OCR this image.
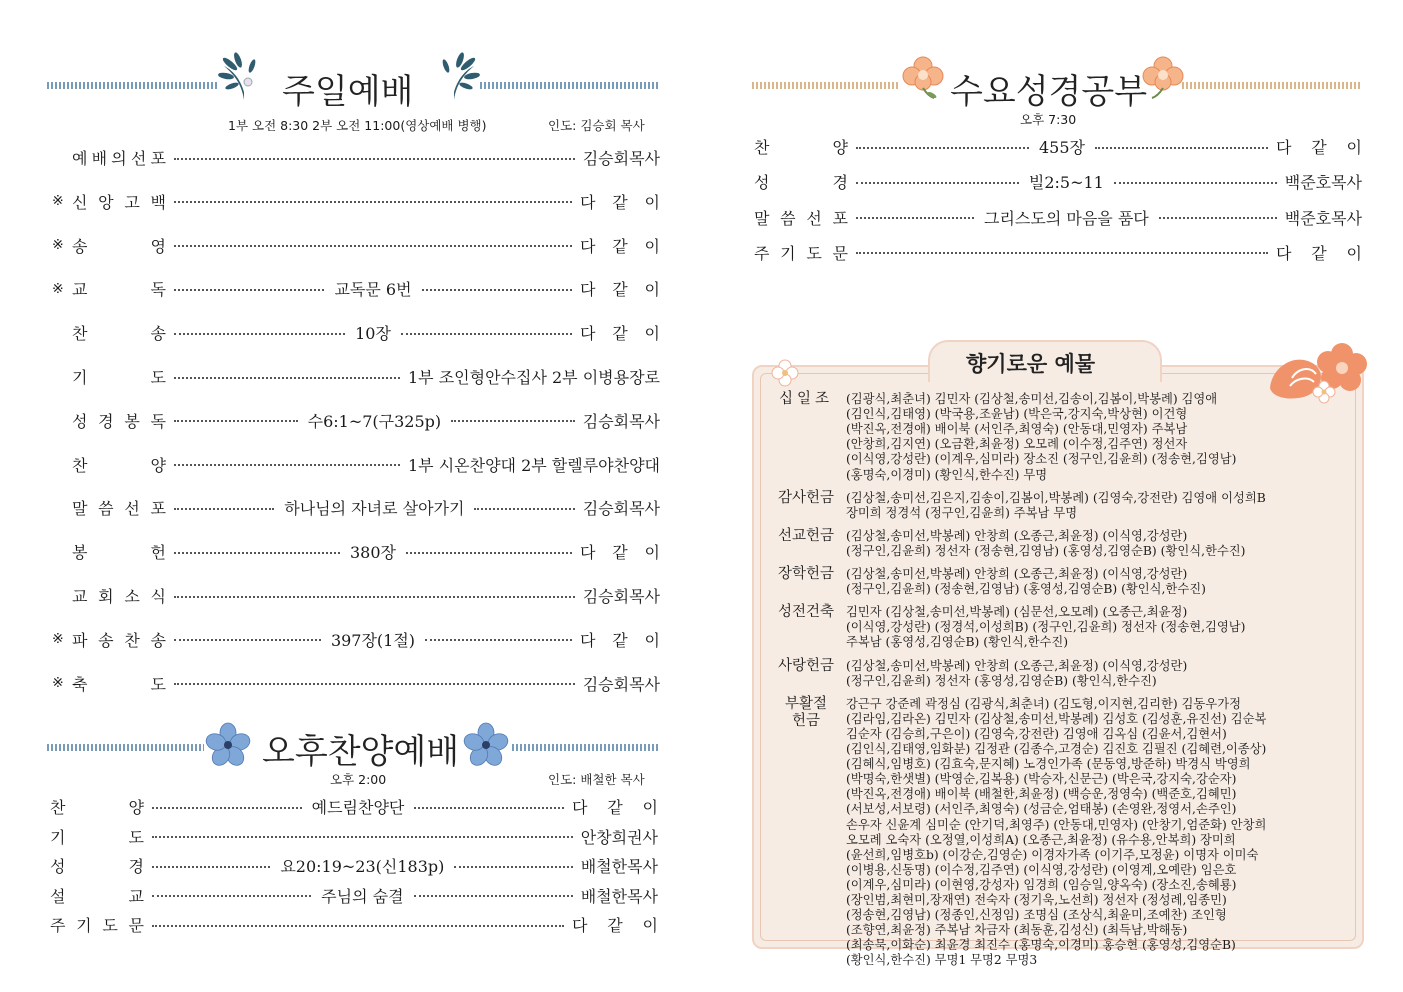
주일예배
1부 오전 8:30 2부 오전 11:00(영상예배 병행)	인도: 김승회 목사
예 배 의 선 포	김승회목사
※ 신 앙 고 백	다 같 이
※ 송	영	다 같 이
※ 교	독	교독문 6번	다 같 이
찬	송	10장	다 같 이
기	도	1부 조인형안수집사 2부 이병용장로
성 경 봉 독	수6:1~7(구325p)	김승회목사
찬	양	1부 시온찬양대 2부 할렐루야찬양대
말 씀 선 포	하나님의 자녀로 살아가기	김승회목사
봉	헌	380장	다 같 이
교 회 소 식	김승회목사
※ 파 송 찬 송	397장(1절)	다 같 이
※ 축	도	김승회목사
오후찬양예배
오후 2:00	인도: 배철한 목사
찬	양	예드림찬양단	다 같 이
기	도	안창희권사
성	경	요20:19~23(신183p)	배철한목사
설	교	주님의 숨결	배철한목사
주 기 도 문	다 같 이
수요성경공부
오후 7:30
찬	양	455장	다 같 이
성	경	빌2:5~11	백준호목사
말 씀 선 포	그리스도의 마음을 품다	백준호목사
주 기 도 문	다 같 이
향기로운 예물
십일조	(김광식,최춘녀) 김민자 (김상철,송미선,김송이,김봄이,박봉례) 김영애
(김인식,김태영) (박국용,조윤남) (박은국,강지숙,박상현) 이건형
(박진옥,전경애) 배이북 (서인주,최영숙) (안동대,민영자) 주복남
(안창희,김지연) (오금환,최윤정) 오모례 (이수정,김주연) 정선자
(이식영,강성란) (이계우,심미라) 장소진 (정구인,김윤희) (정송현,김영남)
(홍명숙,이경미) (황인식,한수진) 무명
감사헌금 (김상철,송미선,김은지,김송이,김봄이,박봉례) (김영숙,강전란) 김영애 이성희B
장미희 정경석 (정구인,김윤희) 주복남 무명
선교헌금 (김상철,송미선,박봉례) 안창희 (오종근,최윤정) (이식영,강성란)
(정구인,김윤희) 정선자 (정송현,김영남) (홍영성,김영순B) (황인식,한수진)
장학헌금 (김상철,송미선,박봉례) 안창희 (오종근,최윤정) (이식영,강성란)
(정구인,김윤희) (정송현,김영남) (홍영성,김영순B) (황인식,한수진)
성전건축 김민자 (김상철,송미선,박봉례) (심문선,오모례) (오종근,최윤정)
(이식영,강성란) (정경석,이성희B) (정구인,김윤희) 정선자 (정송현,김영남)
주복남 (홍영성,김영순B) (황인식,한수진)
사랑헌금 (김상철,송미선,박봉례) 안창희 (오종근,최윤정) (이식영,강성란)
(정구인,김윤희) 정선자 (홍영성,김영순B) (황인식,한수진)
부활절 헌금
강근구 강준례 곽정심 (김광식,최춘녀) (김도형,이지현,김리한) 김동우가정
(김라임,김라온) 김민자 (김상철,송미선,박봉례) 김성호 (김성훈,유진선) 김순복
김순자 (김승희,구은이) (김영숙,강전란) 김영애 김옥심 (김윤서,김현서)
(김인식,김태영,임화분) 김정관 (김종수,고경순) 김진호 김필진 (김혜련,이종상)
(김혜식,임병호) (김효숙,문지혜) 노경인가족 (문동영,방준하) 박경식 박영희
(박명숙,한샛별) (박영순,김복용) (박승자,신문근) (박은국,강지숙,강순자)
(박진옥,전경애) 배이북 (배철한,최윤정) (백승운,정영숙) (백준호,김혜민)
(서보성,서보령) (서인주,최영숙) (성금순,엄태봉) (손영완,정영서,손주인)
손우자 신윤계 심미순 (안기덕,최영주) (안동대,민영자) (안창기,엄준화) 안창희
오모례 오숙자 (오정열,이성희A) (오종근,최윤정) (유수용,안복희) 장미희
(윤선희,임병호b) (이강순,김영순) 이경자가족 (이기주,모정윤) 이명자 이미숙
(이병용,신동명) (이수정,김주연) (이식영,강성란) (이영계,오예란) 임은호
(이계우,심미라) (이현영,강성자) 임경희 (임승일,양옥숙) (장소진,송혜룡)
(장인범,최현미,장재연) 전숙자 (정기욱,노선희) 정선자 (정성례,임종민)
(정송현,김영남) (정종인,신정임) 조명심 (조상식,최윤미,조예찬) 조인형
(조향연,최윤정) 주복남 차금자 (최동훈,김성신) (최득남,박해동)
(최송묵,이화순) 최윤경 최진수 (홍명숙,이경미) 홍승현 (홍영성,김영순B)
(황인식,한수진) 무명1 무명2 무명3
